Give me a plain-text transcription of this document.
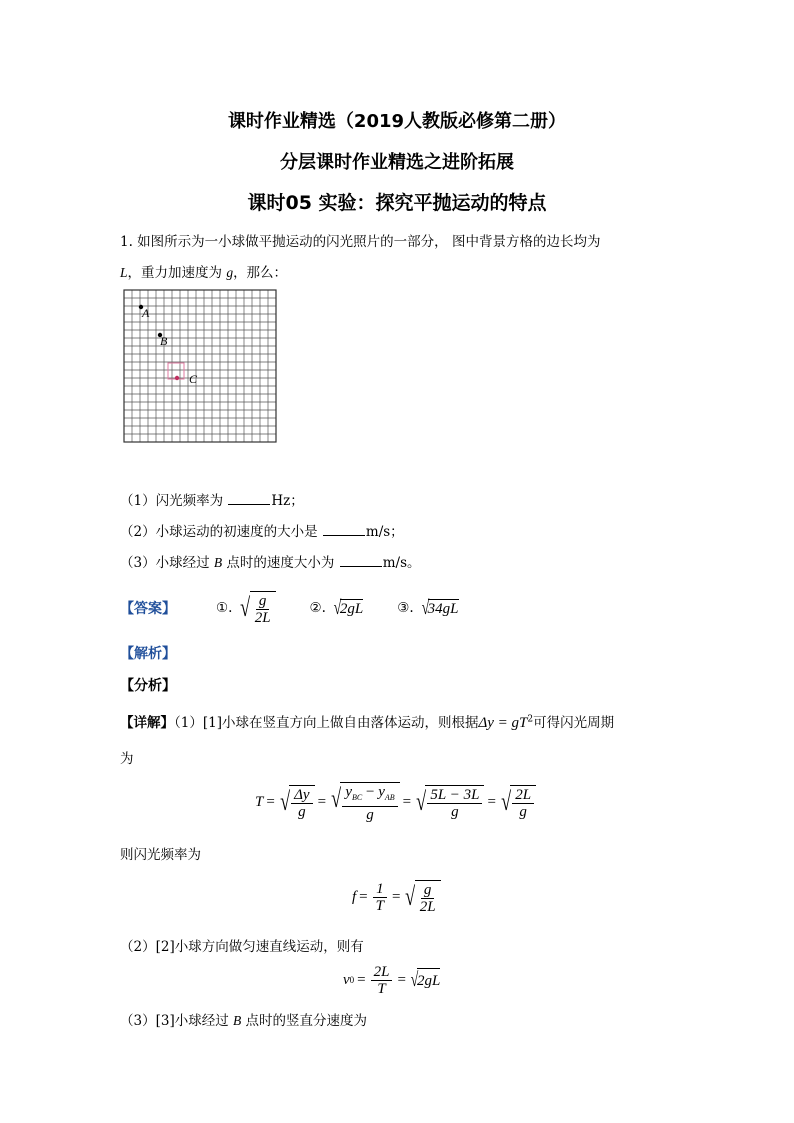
课时作业精选（2019人教版必修第二册）
分层课时作业精选之进阶拓展
课时05 实验：探究平抛运动的特点
1. 如图所示为一小球做平抛运动的闪光照片的一部分， 图中背景方格的边长均为
L，重力加速度为 g，那么：
A
B
C
（1）闪光频率为	Hz；
（2）小球运动的初速度的大小是	m/s；
（3）小球经过 B 点时的速度大小为	m/s。
【答案】	①. √ $\frac{g}{2L}$	②. √
2gL	③. √
34gL
【解析】
【分析】
【详解】（1）[1]小球在竖直方向上做自由落体运动，则根据$\Delta y = gT^2$可得闪光周期
为
T = √ $\frac{\Delta y}{g}$ = √ $\frac{y_{BC} - y_{AB}}{g}$ = √ $\frac{5L - 3L}{g}$ = √ $\frac{2L}{g}$
则闪光频率为
$f = \frac{1}{T}$ = √ $\frac{g}{2L}$
（2）[2]小球方向做匀速直线运动，则有
v $0 = \frac{2L}{T}$ = √
2gL
（3）[3]小球经过 B 点时的竖直分速度为
